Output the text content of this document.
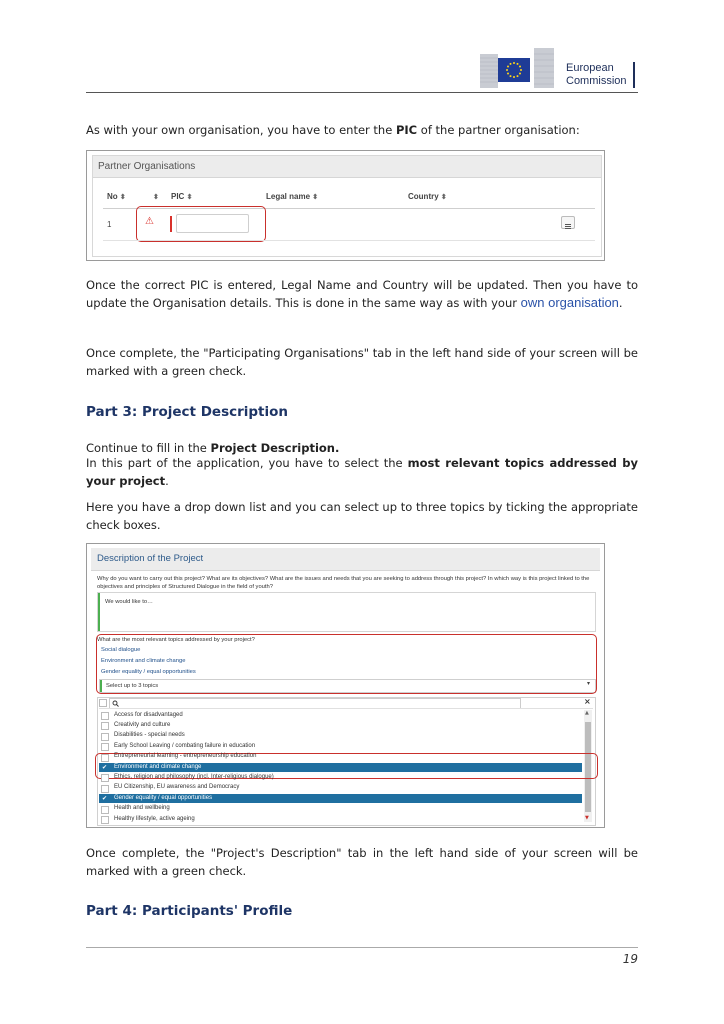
European
Commission
As with your own organisation, you have to enter the PIC of the partner organisation:
Partner Organisations
No ⬍	⬍ PIC ⬍	Legal name ⬍	Country ⬍
1	⚠
Once the correct PIC is entered, Legal Name and Country will be updated. Then you have to update the Organisation details. This is done in the same way as with your own organisation.
Once complete, the "Participating Organisations" tab in the left hand side of your screen will be marked with a green check.
Part 3: Project Description
Continue to fill in the Project Description.
In this part of the application, you have to select the most relevant topics addressed by your project.
Here you have a drop down list and you can select up to three topics by ticking the appropriate check boxes.
Description of the Project
Why do you want to carry out this project? What are its objectives? What are the issues and needs that you are seeking to address through this project? In which way is this project linked to the objectives and principles of Structured Dialogue in the field of youth?
We would like to…
What are the most relevant topics addressed by your project?
Social dialogue
Environment and climate change
Gender equality / equal opportunities
Select up to 3 topics	▾
×
▲
▼
Access for disadvantaged
Creativity and culture
Disabilities - special needs
Early School Leaving / combating failure in education
Entrepreneurial learning - entrepreneurship education
✔ Environment and climate change
Ethics, religion and philosophy (incl. Inter-religious dialogue)
EU Citizenship, EU awareness and Democracy
✔ Gender equality / equal opportunities
Health and wellbeing
Healthy lifestyle, active ageing
Once complete, the "Project's Description" tab in the left hand side of your screen will be marked with a green check.
Part 4: Participants' Profile
19
